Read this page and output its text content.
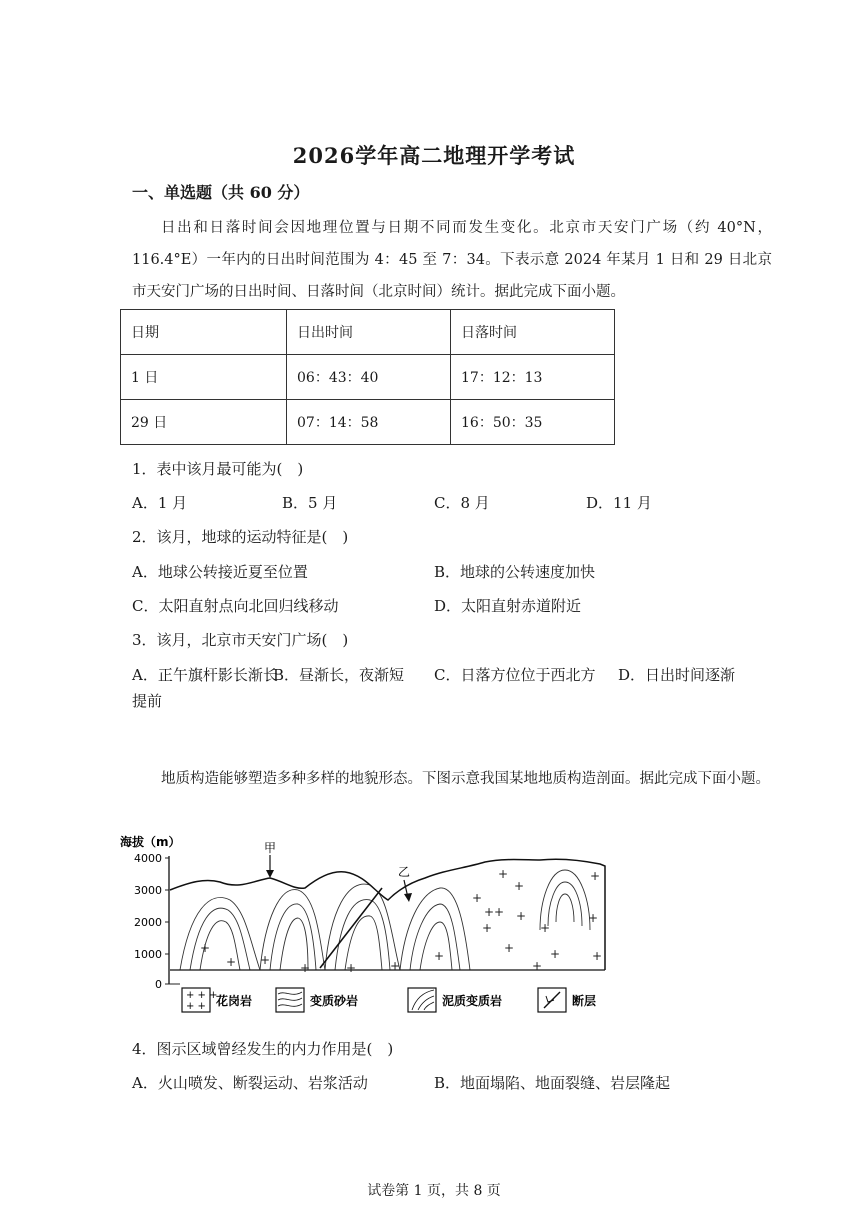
2026学年高二地理开学考试
一、单选题（共 60 分）
日出和日落时间会因地理位置与日期不同而发生变化。北京市天安门广场（约 40°N，116.4°E）一年内的日出时间范围为 4：45 至 7：34。下表示意 2024 年某月 1 日和 29 日北京市天安门广场的日出时间、日落时间（北京时间）统计。据此完成下面小题。
日期	日出时间	日落时间
1 日	06：43：40	17：12：13
29 日	07：14：58	16：50：35
1．表中该月最可能为(　)
A．1 月	B．5 月	C．8 月	D．11 月
2．该月，地球的运动特征是(　)
A．地球公转接近夏至位置	B．地球的公转速度加快
C．太阳直射点向北回归线移动	D．太阳直射赤道附近
3．该月，北京市天安门广场(　)
A．正午旗杆影长渐长
B．昼渐长，夜渐短 C．日落方位位于西北方 D．日出时间逐渐
提前
地质构造能够塑造多种多样的地貌形态。下图示意我国某地地质构造剖面。据此完成下面小题。
海拔（m）
4000
3000
2000
1000
0
+
+ +
+	+	+
+
+
++
+
+
+
+
+
+	+
+
+	+
+
甲
乙
+ + +
+ + 花岗岩	变质砂岩	泥质变质岩	断层
4．图示区域曾经发生的内力作用是(　)
A．火山喷发、断裂运动、岩浆活动	B．地面塌陷、地面裂缝、岩层隆起
试卷第 1 页，共 8 页
